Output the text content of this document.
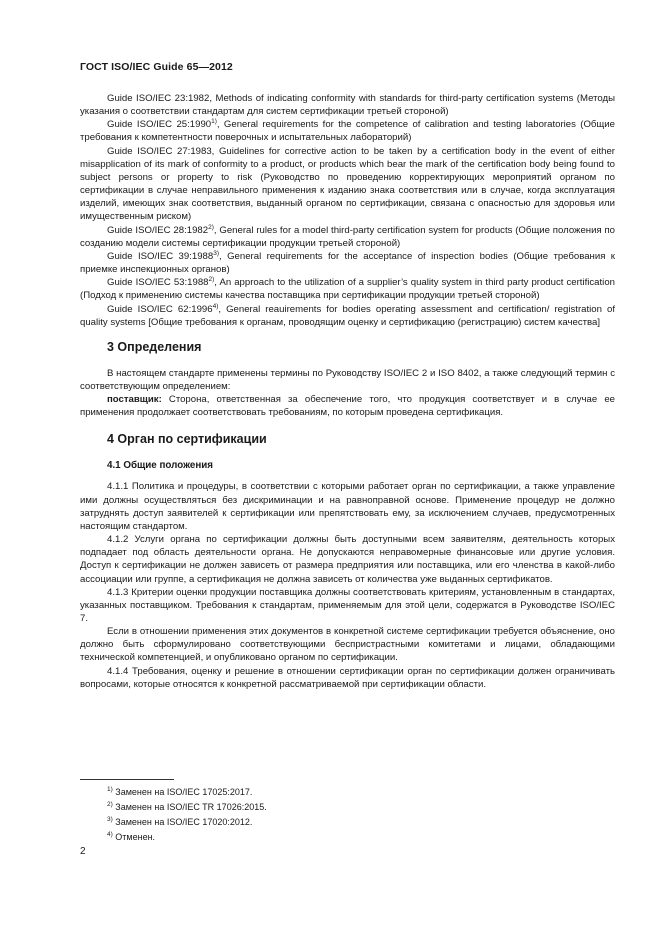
ГОСТ ISO/IEC Guide 65—2012

Guide ISO/IEC 23:1982, Methods of indicating conformity with standards for third-party certification systems (Методы указания о соответствии стандартам для систем сертификации третьей стороной)

Guide ISO/IEC 25:1990$^{1)}$, General requirements for the competence of calibration and testing laboratories (Общие требования к компетентности поверочных и испытательных лабораторий)

Guide ISO/IEC 27:1983, Guidelines for corrective action to be taken by a certification body in the event of either misapplication of its mark of conformity to a product, or products which bear the mark of the certification body being found to subject persons or property to risk (Руководство по проведению корректирующих мероприятий органом по сертификации в случае неправильного применения к изданию знака соответствия или в случае, когда эксплуатация изделий, имеющих знак соответствия, выданный органом по сертификации, связана с опасностью для здоровья или имущественным риском)

Guide ISO/IEC 28:1982$^{2)}$, General rules for a model third-party certification system for products (Общие положения по созданию модели системы сертификации продукции третьей стороной)

Guide ISO/IEC 39:1988$^{3)}$, General requirements for the acceptance of inspection bodies (Общие требования к приемке инспекционных органов)

Guide ISO/IEC 53:1988$^{2)}$, An approach to the utilization of a supplier’s quality system in third party product certification (Подход к применению системы качества поставщика при сертификации продукции третьей стороной)

Guide ISO/IEC 62:1996$^{4)}$, General reauirements for bodies operating assessment and certification/ registration of quality systems [Общие требования к органам, проводящим оценку и сертификацию (регистрацию) систем качества]

3 Определения

В настоящем стандарте применены термины по Руководству ISO/IEC 2 и ISO 8402, а также следующий термин с соответствующим определением:

поставщик: Сторона, ответственная за обеспечение того, что продукция соответствует и в случае ее применения продолжает соответствовать требованиям, по которым проведена сертификация.

4 Орган по сертификации
4.1 Общие положения

4.1.1 Политика и процедуры, в соответствии с которыми работает орган по сертификации, а также управление ими должны осуществляться без дискриминации и на равноправной основе. Применение процедур не должно затруднять доступ заявителей к сертификации или препятствовать ему, за исключением случаев, предусмотренных настоящим стандартом.

4.1.2 Услуги органа по сертификации должны быть доступными всем заявителям, деятельность которых подпадает под область деятельности органа. Не допускаются неправомерные финансовые или другие условия. Доступ к сертификации не должен зависеть от размера предприятия или поставщика, или его членства в какой-либо ассоциации или группе, а сертификация не должна зависеть от количества уже выданных сертификатов.

4.1.3 Критерии оценки продукции поставщика должны соответствовать критериям, установленным в стандартах, указанных поставщиком. Требования к стандартам, применяемым для этой цели, содержатся в Руководстве ISO/IEC 7.

Если в отношении применения этих документов в конкретной системе сертификации требуется объяснение, оно должно быть сформулировано соответствующими беспристрастными комитетами и лицами, обладающими технической компетенцией, и опубликовано органом по сертификации.

4.1.4 Требования, оценку и решение в отношении сертификации орган по сертификации должен ограничивать вопросами, которые относятся к конкретной рассматриваемой при сертификации области.

$^{1)}$ Заменен на ISO/IEC 17025:2017.

$^{2)}$ Заменен на ISO/IEC TR 17026:2015.

$^{3)}$ Заменен на ISO/IEC 17020:2012.

$^{4)}$ Отменен.

2
